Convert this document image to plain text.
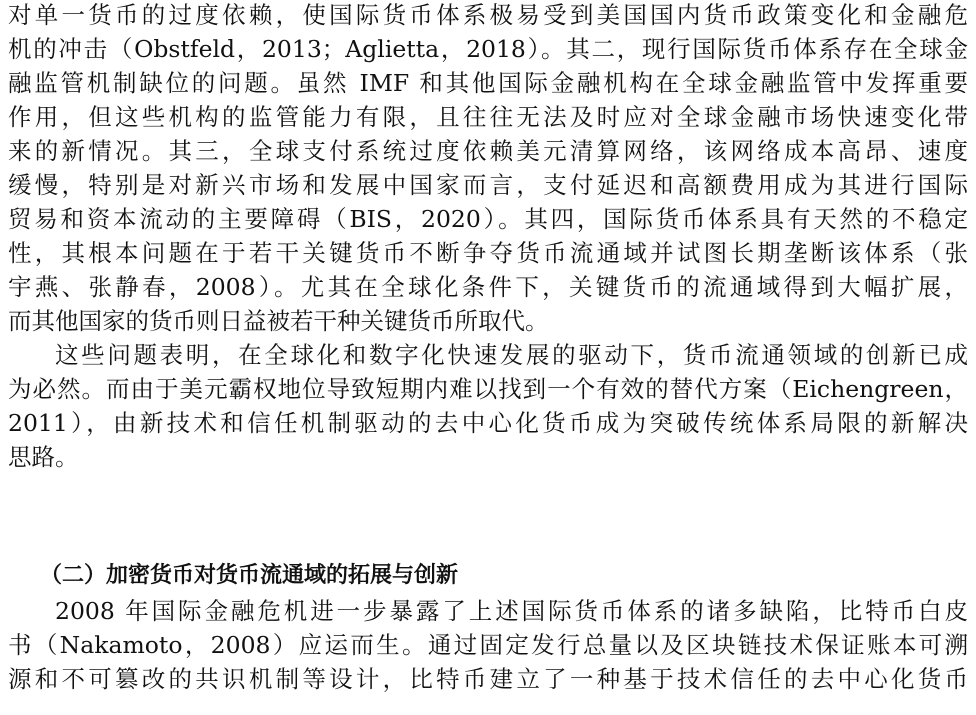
对单一货币的过度依赖，使国际货币体系极易受到美国国内货币政策变化和金融危
机的冲击（Obstfeld，2013；Aglietta，2018）。其二，现行国际货币体系存在全球金
融监管机制缺位的问题。虽然 IMF 和其他国际金融机构在全球金融监管中发挥重要
作用，但这些机构的监管能力有限，且往往无法及时应对全球金融市场快速变化带
来的新情况。其三，全球支付系统过度依赖美元清算网络，该网络成本高昂、速度
缓慢，特别是对新兴市场和发展中国家而言，支付延迟和高额费用成为其进行国际
贸易和资本流动的主要障碍（BIS，2020）。其四，国际货币体系具有天然的不稳定
性，其根本问题在于若干关键货币不断争夺货币流通域并试图长期垄断该体系（张
宇燕、张静春，2008）。尤其在全球化条件下，关键货币的流通域得到大幅扩展，
而其他国家的货币则日益被若干种关键货币所取代。
这些问题表明，在全球化和数字化快速发展的驱动下，货币流通领域的创新已成
为必然。而由于美元霸权地位导致短期内难以找到一个有效的替代方案（Eichengreen，
2011），由新技术和信任机制驱动的去中心化货币成为突破传统体系局限的新解决
思路。
（二）加密货币对货币流通域的拓展与创新
2008 年国际金融危机进一步暴露了上述国际货币体系的诸多缺陷，比特币白皮
书（Nakamoto，2008）应运而生。通过固定发行总量以及区块链技术保证账本可溯
源和不可篡改的共识机制等设计，比特币建立了一种基于技术信任的去中心化货币
